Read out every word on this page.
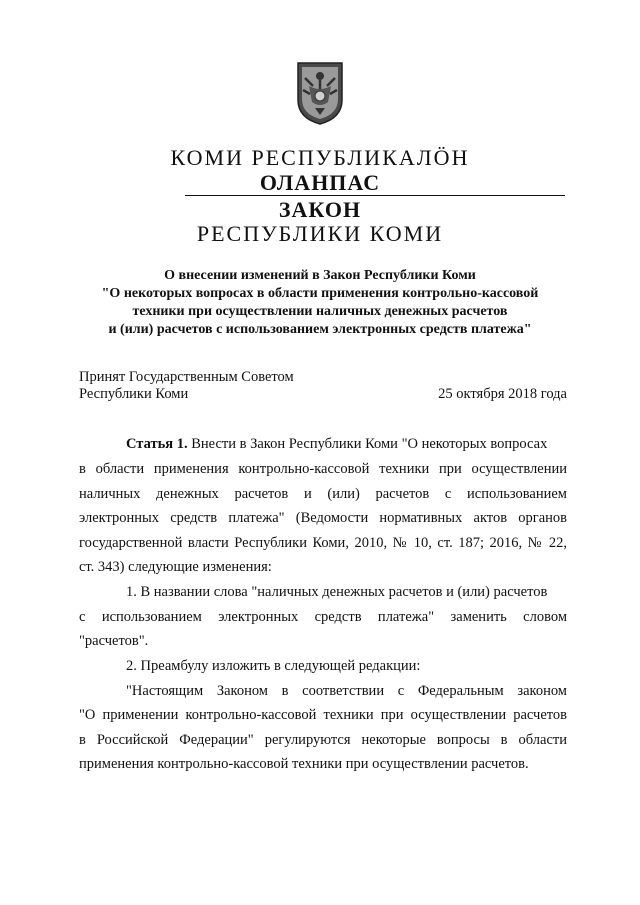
КОМИ РЕСПУБЛИКАЛÖН
ОЛАНПАС
ЗАКОН
РЕСПУБЛИКИ КОМИ
О внесении изменений в Закон Республики Коми
"О некоторых вопросах в области применения контрольно-кассовой
техники при осуществлении наличных денежных расчетов
и (или) расчетов с использованием электронных средств платежа"
Принят Государственным Советом
Республики Коми	25 октября 2018 года
Статья 1. Внести в Закон Республики Коми "О некоторых вопросах
в области применения контрольно-кассовой техники при осуществлении
наличных денежных расчетов и (или) расчетов с использованием
электронных средств платежа" (Ведомости нормативных актов органов
государственной власти Республики Коми, 2010, № 10, ст. 187; 2016, № 22,
ст. 343) следующие изменения:
1. В названии слова "наличных денежных расчетов и (или) расчетов
с использованием электронных средств платежа" заменить словом
"расчетов".
2. Преамбулу изложить в следующей редакции:
"Настоящим Законом в соответствии с Федеральным законом
"О применении контрольно-кассовой техники при осуществлении расчетов
в Российской Федерации" регулируются некоторые вопросы в области
применения контрольно-кассовой техники при осуществлении расчетов.
